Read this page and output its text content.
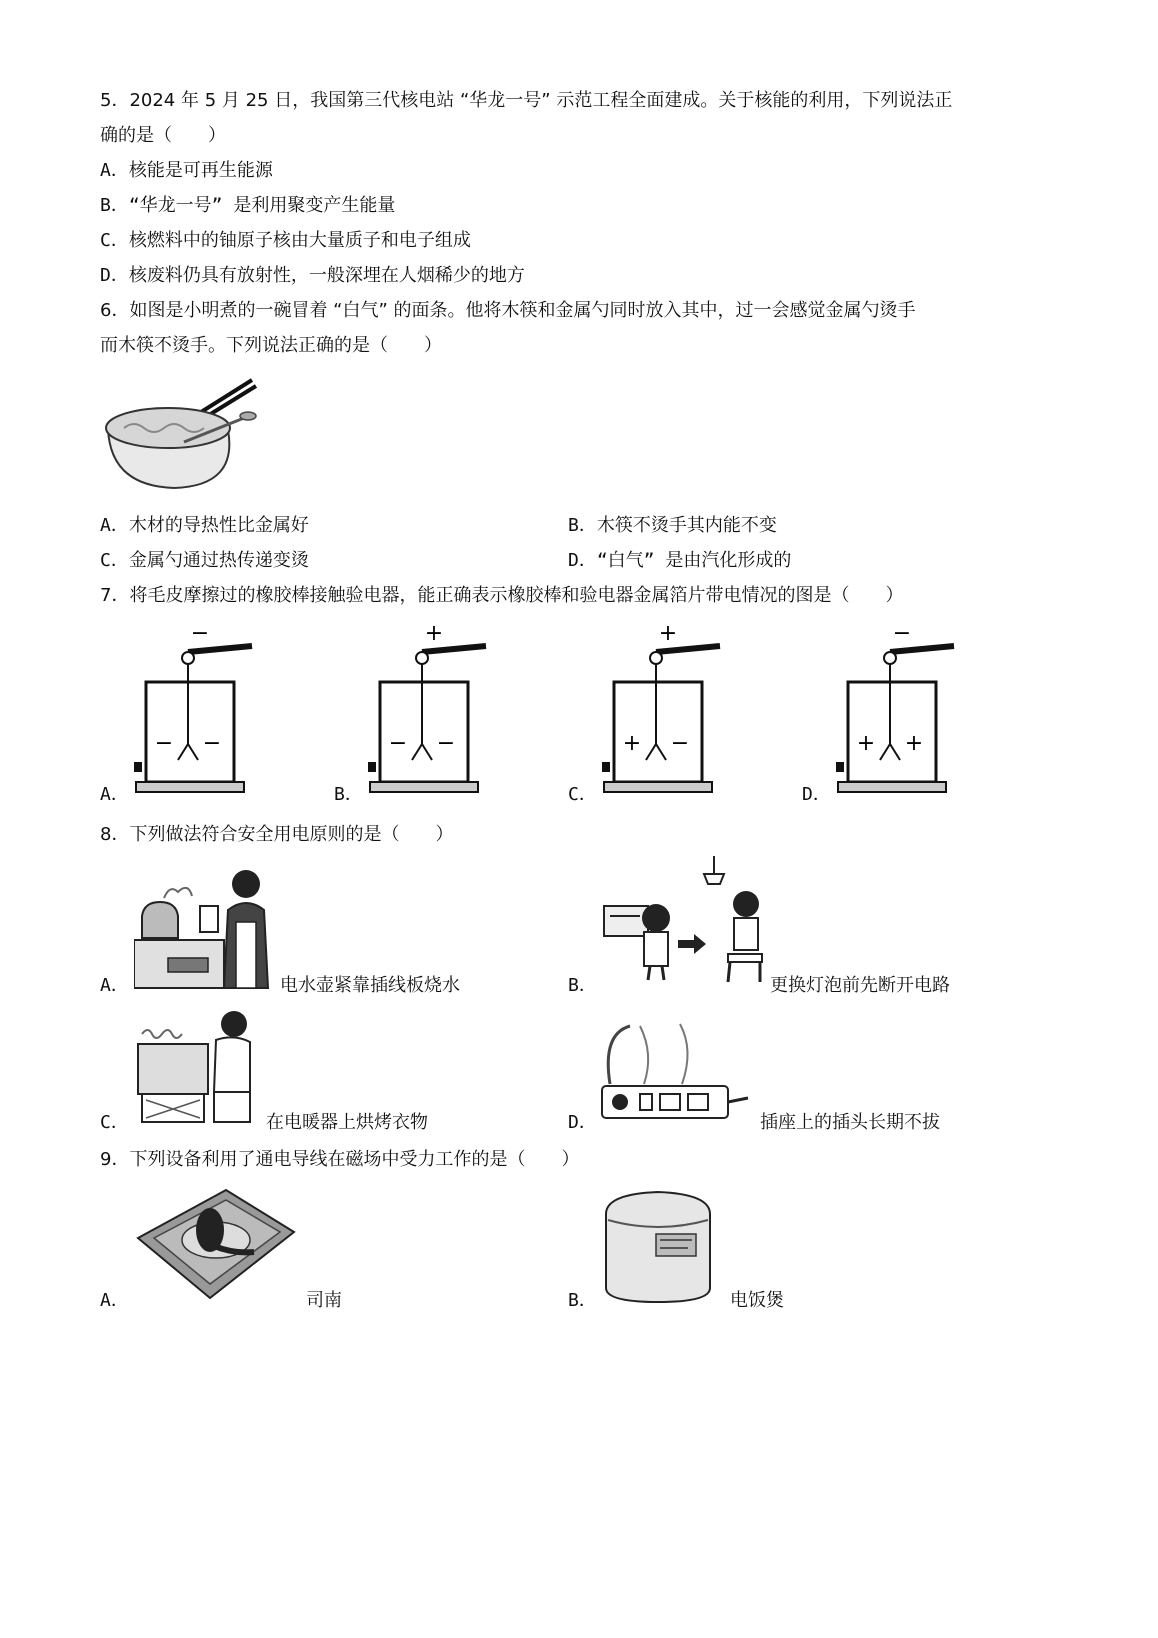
5．2024 年 5 月 25 日，我国第三代核电站 “华龙一号” 示范工程全面建成。关于核能的利用，下列说法正
确的是（　　）
A．核能是可再生能源
B．“华龙一号” 是利用聚变产生能量
C．核燃料中的铀原子核由大量质子和电子组成
D．核废料仍具有放射性，一般深埋在人烟稀少的地方
6．如图是小明煮的一碗冒着 “白气” 的面条。他将木筷和金属勺同时放入其中，过一会感觉金属勺烫手
而木筷不烫手。下列说法正确的是（　　）
A．木材的导热性比金属好	B．木筷不烫手其内能不变
C．金属勺通过热传递变烫	D．“白气” 是由汽化形成的
7．将毛皮摩擦过的橡胶棒接触验电器，能正确表示橡胶棒和验电器金属箔片带电情况的图是（　　）
−
− −
+
− −
+
+ −
−
+ +
A．	B．	C．	D．
8．下列做法符合安全用电原则的是（　　）
A．	电水壶紧靠插线板烧水	B．	更换灯泡前先断开电路
C．	在电暖器上烘烤衣物	D．	插座上的插头长期不拔
9．下列设备利用了通电导线在磁场中受力工作的是（　　）
A．	司南	B．	电饭煲
